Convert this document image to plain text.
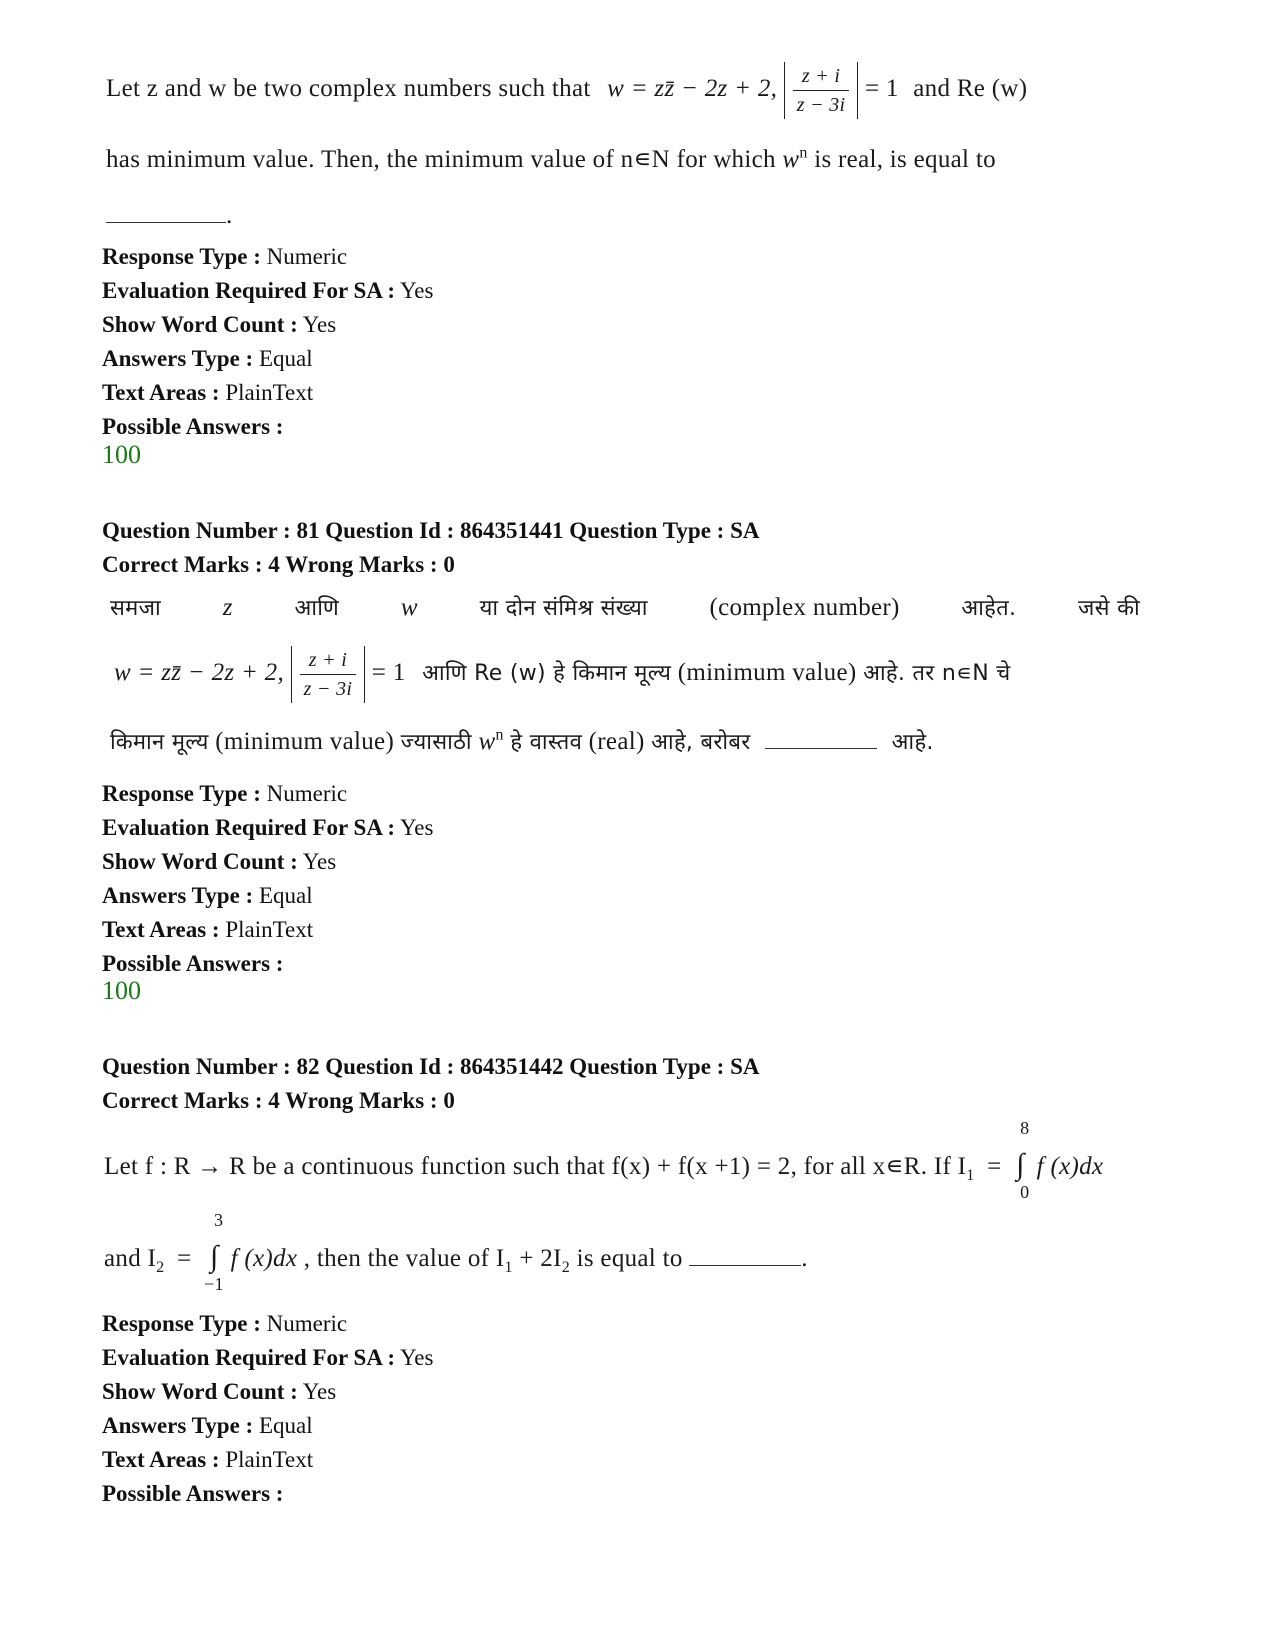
Let z and w be two complex numbers such that w = zz̄ − 2z + 2, $\frac{z + i}{z - 3i} = 1$ and Re (w)
has minimum value. Then, the minimum value of n∊N for which $w^n$ is real, is equal to
.
Response Type : Numeric
Evaluation Required For SA : Yes
Show Word Count : Yes
Answers Type : Equal
Text Areas : PlainText
Possible Answers :
100
Question Number : 81 Question Id : 864351441 Question Type : SA
Correct Marks : 4 Wrong Marks : 0
समजा z	आणि w	या दोन संमिश्र संख्या (complex number)	आहेत.	जसे की
w = zz̄ − 2z + 2, $\frac{z + i}{z - 3i} = 1$ आणि Re (w) हे किमान मूल्य (minimum value) आहे. तर n∊N चे
किमान मूल्य (minimum value) ज्यासाठी $w^n$ हे वास्तव (real) आहे, बरोबर	आहे.
Response Type : Numeric
Evaluation Required For SA : Yes
Show Word Count : Yes
Answers Type : Equal
Text Areas : PlainText
Possible Answers :
100
Question Number : 82 Question Id : 864351442 Question Type : SA
Correct Marks : 4 Wrong Marks : 0
Let f : R → R be a continuous function such that f(x) + f(x +1) = 2, for all x∊R. If $I_1$ = ∫
8
0
f (x)dx
and $I_2$ = ∫
3
−1
f (x)dx , then the value of $I_1 + 2I_2$ is equal to	.
Response Type : Numeric
Evaluation Required For SA : Yes
Show Word Count : Yes
Answers Type : Equal
Text Areas : PlainText
Possible Answers :
